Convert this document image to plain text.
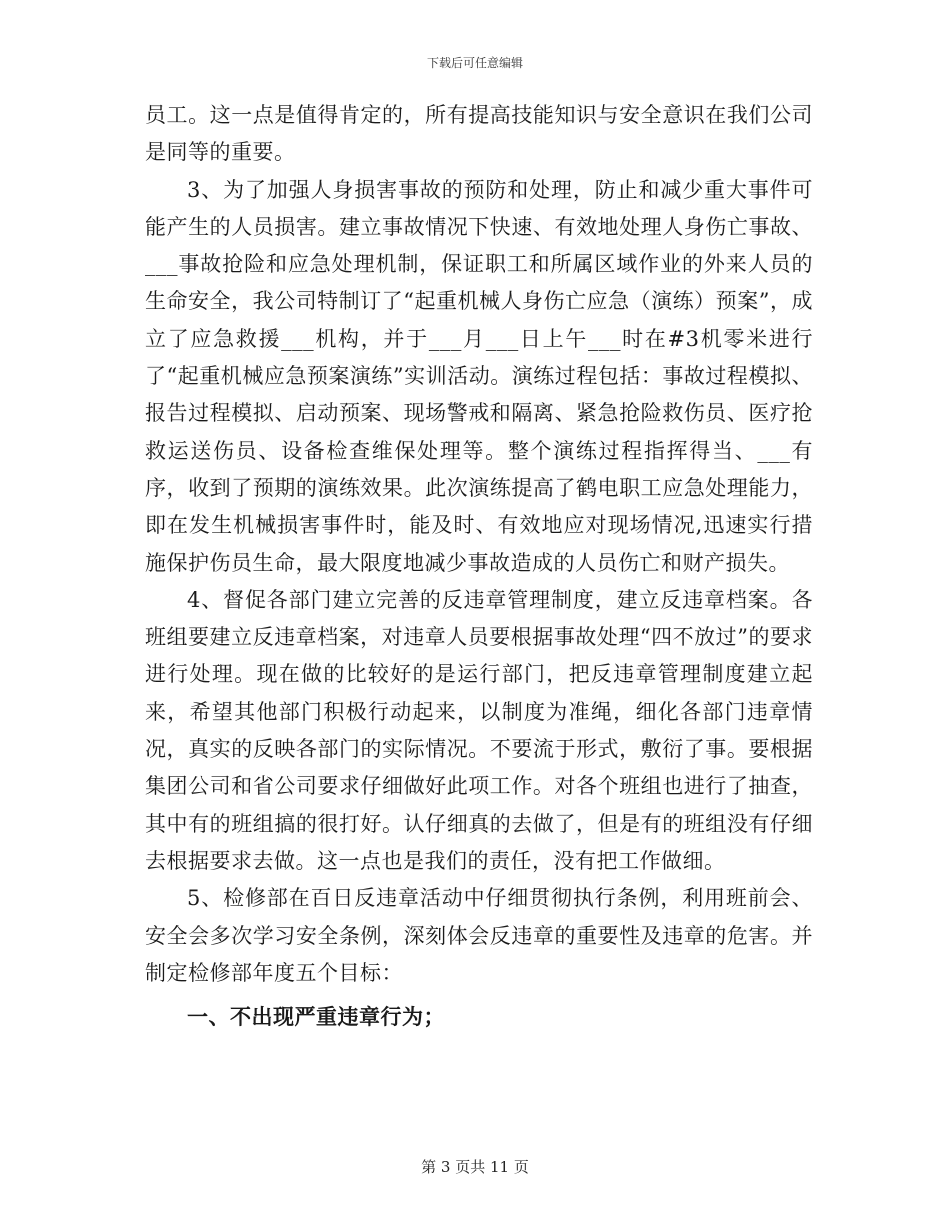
下载后可任意编辑

员工。这一点是值得肯定的，所有提高技能知识与安全意识在我们公司是同等的重要。

3、为了加强人身损害事故的预防和处理，防止和减少重大事件可能产生的人员损害。建立事故情况下快速、有效地处理人身伤亡事故、___事故抢险和应急处理机制，保证职工和所属区域作业的外来人员的生命安全，我公司特制订了“起重机械人身伤亡应急（演练）预案”，成立了应急救援___机构，并于___月___日上午___时在#3机零米进行了“起重机械应急预案演练”实训活动。演练过程包括：事故过程模拟、报告过程模拟、启动预案、现场警戒和隔离、紧急抢险救伤员、医疗抢救运送伤员、设备检查维保处理等。整个演练过程指挥得当、___有序，收到了预期的演练效果。此次演练提高了鹤电职工应急处理能力，即在发生机械损害事件时，能及时、有效地应对现场情况,迅速实行措施保护伤员生命，最大限度地减少事故造成的人员伤亡和财产损失。

4、督促各部门建立完善的反违章管理制度，建立反违章档案。各班组要建立反违章档案，对违章人员要根据事故处理“四不放过”的要求进行处理。现在做的比较好的是运行部门，把反违章管理制度建立起来，希望其他部门积极行动起来，以制度为准绳，细化各部门违章情况，真实的反映各部门的实际情况。不要流于形式，敷衍了事。要根据集团公司和省公司要求仔细做好此项工作。对各个班组也进行了抽查，其中有的班组搞的很打好。认仔细真的去做了，但是有的班组没有仔细去根据要求去做。这一点也是我们的责任，没有把工作做细。

5、检修部在百日反违章活动中仔细贯彻执行条例，利用班前会、安全会多次学习安全条例，深刻体会反违章的重要性及违章的危害。并制定检修部年度五个目标：

一、不出现严重违章行为；

第 3 页共 11 页
